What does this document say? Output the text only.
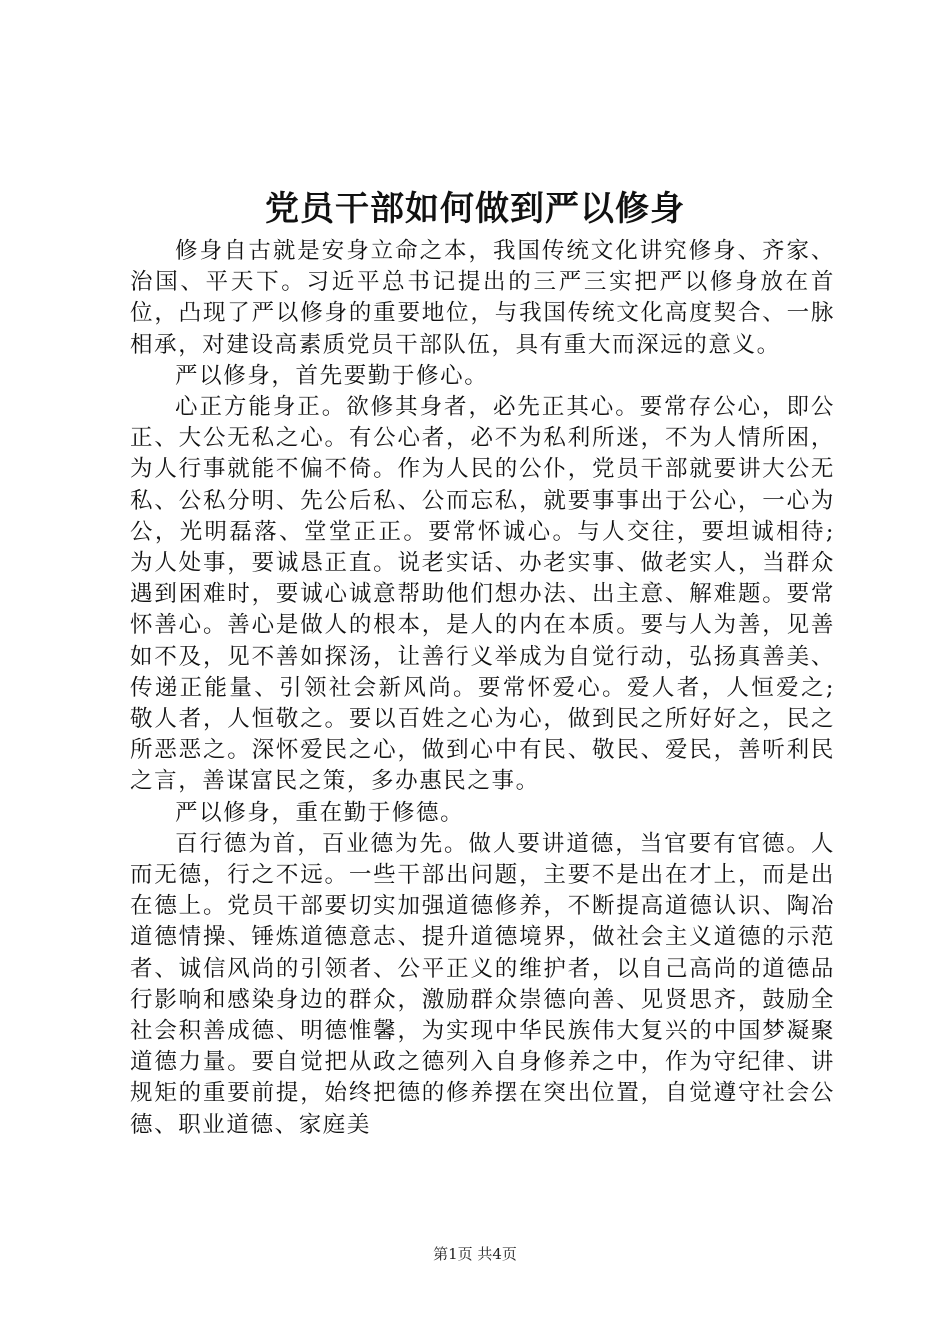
党员干部如何做到严以修身

修身自古就是安身立命之本，我国传统文化讲究修身、齐家、治国、平天下。习近平总书记提出的三严三实把严以修身放在首位，凸现了严以修身的重要地位，与我国传统文化高度契合、一脉相承，对建设高素质党员干部队伍，具有重大而深远的意义。

严以修身，首先要勤于修心。

心正方能身正。欲修其身者，必先正其心。要常存公心，即公正、大公无私之心。有公心者，必不为私利所迷，不为人情所困，为人行事就能不偏不倚。作为人民的公仆，党员干部就要讲大公无私、公私分明、先公后私、公而忘私，就要事事出于公心，一心为公，光明磊落、堂堂正正。要常怀诚心。与人交往，要坦诚相待;为人处事，要诚恳正直。说老实话、办老实事、做老实人，当群众遇到困难时，要诚心诚意帮助他们想办法、出主意、解难题。要常怀善心。善心是做人的根本，是人的内在本质。要与人为善，见善如不及，见不善如探汤，让善行义举成为自觉行动，弘扬真善美、传递正能量、引领社会新风尚。要常怀爱心。爱人者，人恒爱之;敬人者，人恒敬之。要以百姓之心为心，做到民之所好好之，民之所恶恶之。深怀爱民之心，做到心中有民、敬民、爱民，善听利民之言，善谋富民之策，多办惠民之事。

严以修身，重在勤于修德。

百行德为首，百业德为先。做人要讲道德，当官要有官德。人而无德，行之不远。一些干部出问题，主要不是出在才上，而是出在德上。党员干部要切实加强道德修养，不断提高道德认识、陶冶道德情操、锤炼道德意志、提升道德境界，做社会主义道德的示范者、诚信风尚的引领者、公平正义的维护者，以自己高尚的道德品行影响和感染身边的群众，激励群众崇德向善、见贤思齐，鼓励全社会积善成德、明德惟馨，为实现中华民族伟大复兴的中国梦凝聚道德力量。要自觉把从政之德列入自身修养之中，作为守纪律、讲规矩的重要前提，始终把德的修养摆在突出位置，自觉遵守社会公德、职业道德、家庭美

第1页 共4页
